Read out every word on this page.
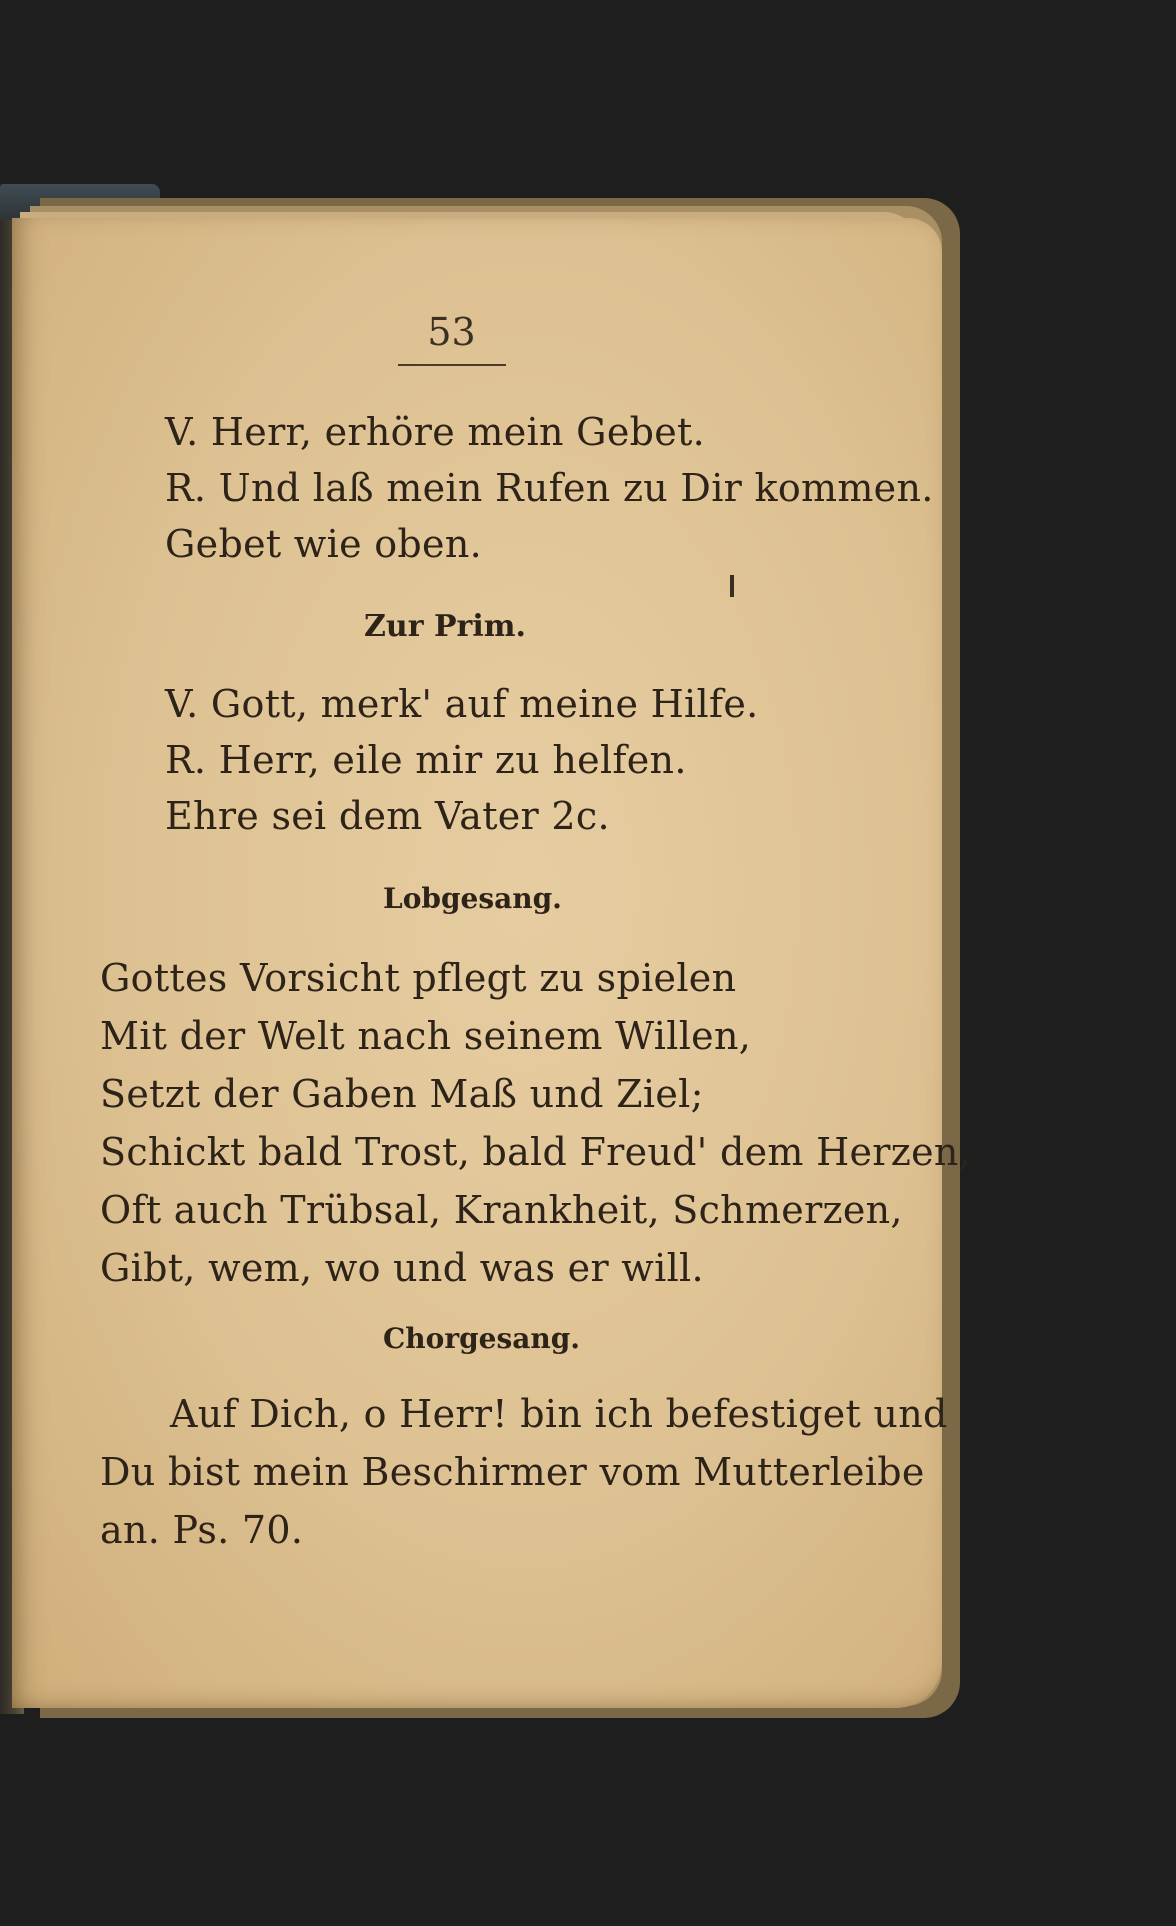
53
V. Herr, erhöre mein Gebet.
R. Und laß mein Rufen zu Dir kommen.
Gebet wie oben.
Zur Prim.
V. Gott, merk' auf meine Hilfe.
R. Herr, eile mir zu helfen.
Ehre sei dem Vater 2c.
Lobgesang.
Gottes Vorsicht pflegt zu spielen
Mit der Welt nach seinem Willen,
Setzt der Gaben Maß und Ziel;
Schickt bald Trost, bald Freud' dem Herzen,
Oft auch Trübsal, Krankheit, Schmerzen,
Gibt, wem, wo und was er will.
Chorgesang.
Auf Dich, o Herr! bin ich befestiget und
Du bist mein Beschirmer vom Mutterleibe
an. Ps. 70.
